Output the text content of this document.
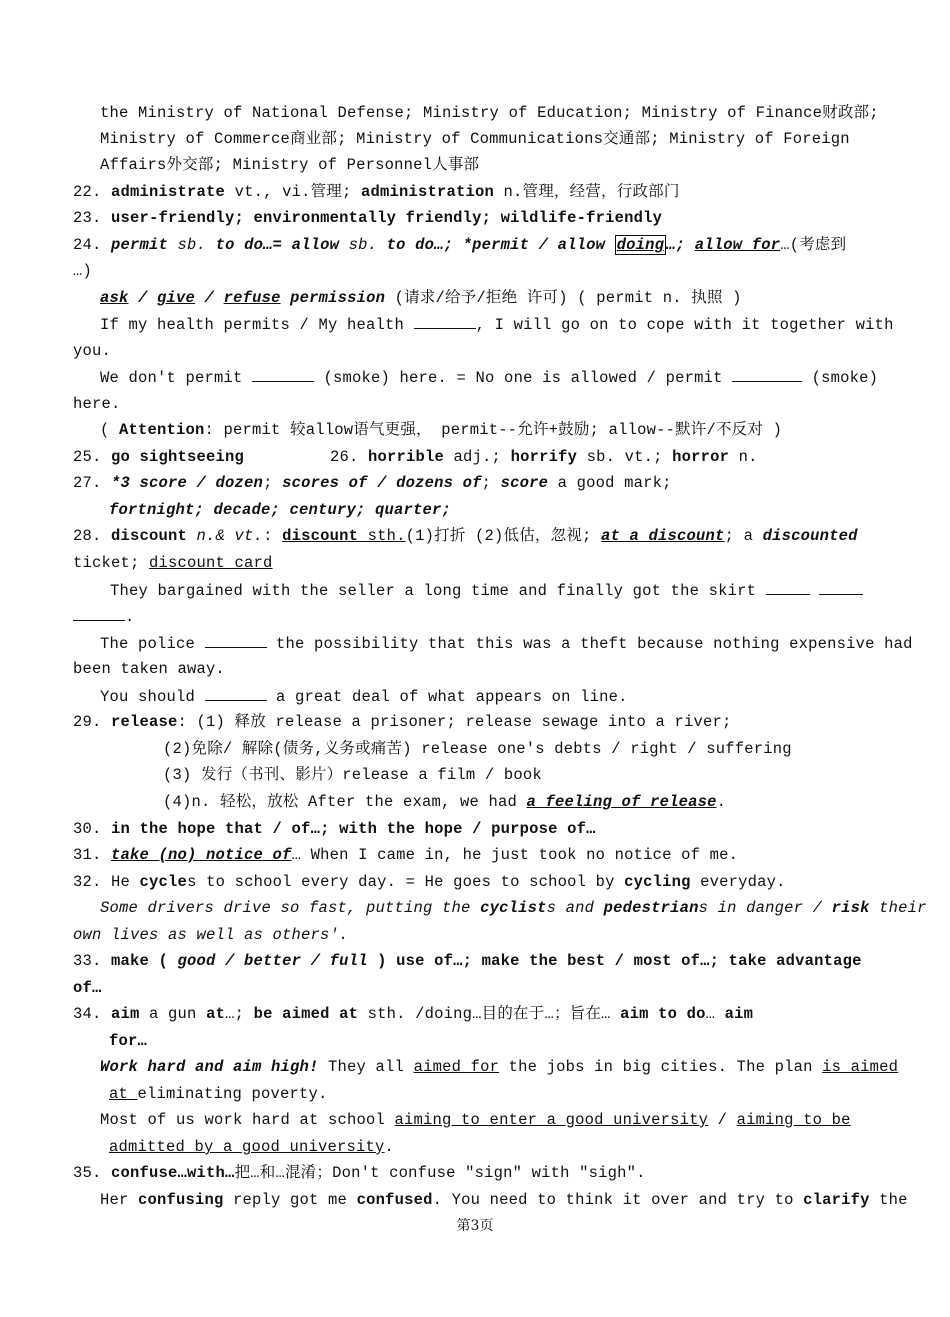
the Ministry of National Defense; Ministry of Education; Ministry of Finance财政部;
Ministry of Commerce商业部; Ministry of Communications交通部; Ministry of Foreign
Affairs外交部; Ministry of Personnel人事部
22. administrate vt., vi.管理; administration n.管理，经营，行政部门
23. user-friendly; environmentally friendly; wildlife-friendly
24. permit sb. to do…= allow sb. to do…; *permit / allow doing …; allow for…(考虑到
…)
ask / give / refuse permission (请求/给予/拒绝 许可) ( permit n. 执照 )
If my health permits / My health	, I will go on to cope with it together with
you.
We don't permit	(smoke) here. = No one is allowed / permit	(smoke)
here.
( Attention: permit 较allow语气更强， permit--允许+鼓励; allow--默许/不反对 )
25. go sightseeing	26. horrible adj.; horrify sb. vt.; horror n.
27. *3 score / dozen; scores of / dozens of; score a good mark;
fortnight; decade; century; quarter;
28. discount n.& vt.: discount sth.(1)打折 (2)低估，忽视; at a discount; a discounted
ticket; discount card
They bargained with the seller a long time and finally got the skirt
.
The police	the possibility that this was a theft because nothing expensive had
been taken away.
You should	a great deal of what appears on line.
29. release: (1) 释放 release a prisoner; release sewage into a river;
(2)免除/ 解除(债务,义务或痛苦) release one's debts / right / suffering
(3) 发行（书刊、影片）release a film / book
(4)n. 轻松，放松 After the exam, we had a feeling of release.
30. in the hope that / of…; with the hope / purpose of…
31. take (no) notice of… When I came in, he just took no notice of me.
32. He cycles to school every day. = He goes to school by cycling everyday.
Some drivers drive so fast, putting the cyclists and pedestrians in danger / risk their
own lives as well as others'.
33. make ( good / better / full ) use of…; make the best / most of…; take advantage
of…
34. aim a gun at…; be aimed at sth. /doing…目的在于…；旨在… aim to do… aim
for…
Work hard and aim high! They all aimed for the jobs in big cities. The plan is aimed
at eliminating poverty.
Most of us work hard at school aiming to enter a good university / aiming to be
admitted by a good university.
35. confuse…with…把…和…混淆；Don't confuse "sign" with "sigh".
Her confusing reply got me confused. You need to think it over and try to clarify the
第3页
